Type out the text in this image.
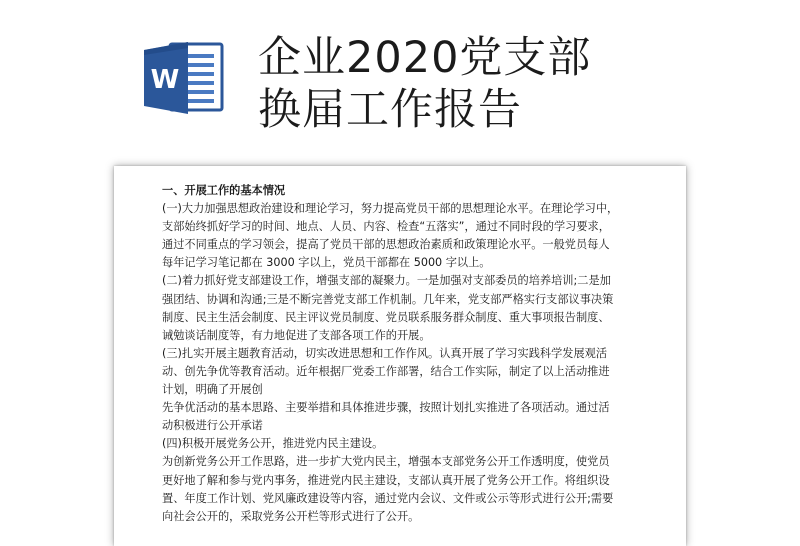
W 企业2020党支部
换届工作报告

一、开展工作的基本情况

(一)大力加强思想政治建设和理论学习，努力提高党员干部的思想理论水平。在理论学习中，

支部始终抓好学习的时间、地点、人员、内容、检查“五落实”，通过不同时段的学习要求，

通过不同重点的学习领会，提高了党员干部的思想政治素质和政策理论水平。一般党员每人

每年记学习笔记都在 3000 字以上，党员干部都在 5000 字以上。

(二)着力抓好党支部建设工作，增强支部的凝聚力。一是加强对支部委员的培养培训;二是加

强团结、协调和沟通;三是不断完善党支部工作机制。几年来，党支部严格实行支部议事决策

制度、民主生活会制度、民主评议党员制度、党员联系服务群众制度、重大事项报告制度、

诫勉谈话制度等，有力地促进了支部各项工作的开展。

(三)扎实开展主题教育活动，切实改进思想和工作作风。认真开展了学习实践科学发展观活

动、创先争优等教育活动。近年根据厂党委工作部署，结合工作实际，制定了以上活动推进

计划，明确了开展创

先争优活动的基本思路、主要举措和具体推进步骤，按照计划扎实推进了各项活动。通过活

动积极进行公开承诺

(四)积极开展党务公开，推进党内民主建设。

为创新党务公开工作思路，进一步扩大党内民主，增强本支部党务公开工作透明度，使党员

更好地了解和参与党内事务，推进党内民主建设，支部认真开展了党务公开工作。将组织设

置、年度工作计划、党风廉政建设等内容，通过党内会议、文件或公示等形式进行公开;需要

向社会公开的，采取党务公开栏等形式进行了公开。
